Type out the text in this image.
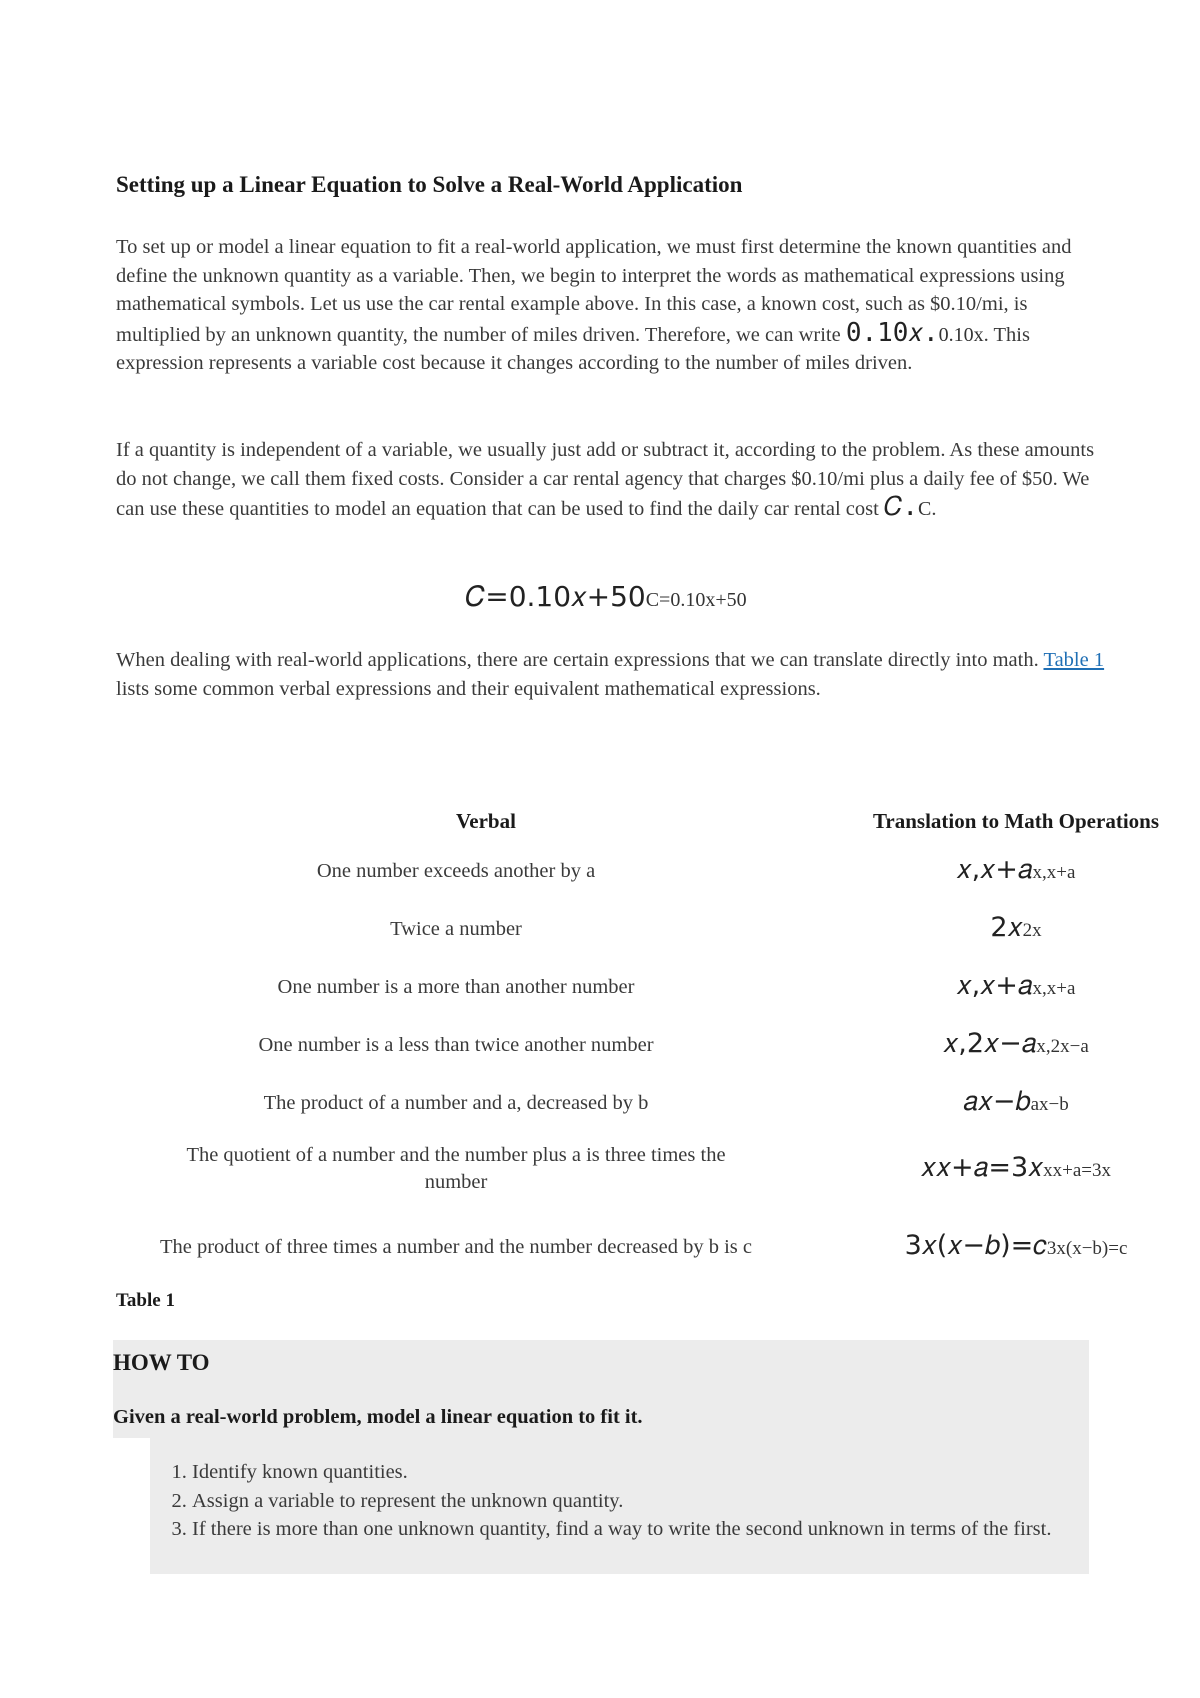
Setting up a Linear Equation to Solve a Real-World Application
To set up or model a linear equation to fit a real-world application, we must first determine the known quantities and define the unknown quantity as a variable. Then, we begin to interpret the words as mathematical expressions using mathematical symbols. Let us use the car rental example above. In this case, a known cost, such as $0.10/mi, is multiplied by an unknown quantity, the number of miles driven. Therefore, we can write 0.10𝑥.0.10x. This expression represents a variable cost because it changes according to the number of miles driven.
If a quantity is independent of a variable, we usually just add or subtract it, according to the problem. As these amounts do not change, we call them fixed costs. Consider a car rental agency that charges $0.10/mi plus a daily fee of $50. We can use these quantities to model an equation that can be used to find the daily car rental cost 𝐶.C.
𝐶=0.10𝑥+50C=0.10x+50
When dealing with real-world applications, there are certain expressions that we can translate directly into math. Table 1 lists some common verbal expressions and their equivalent mathematical expressions.
Verbal	Translation to Math Operations
One number exceeds another by a	𝑥,𝑥+𝑎x,x+a
Twice a number	2𝑥2x
One number is a more than another number	𝑥,𝑥+𝑎x,x+a
One number is a less than twice another number	𝑥,2𝑥−𝑎x,2x−a
The product of a number and a, decreased by b	𝑎𝑥−𝑏ax−b
The quotient of a number and the number plus a is three times the number	𝑥𝑥+𝑎=3𝑥xx+a=3x
The product of three times a number and the number decreased by b is c	3𝑥(𝑥−𝑏)=𝑐3x(x−b)=c
Table 1
HOW TO
Given a real-world problem, model a linear equation to fit it.
1. Identify known quantities.
2. Assign a variable to represent the unknown quantity.
3. If there is more than one unknown quantity, find a way to write the second unknown in terms of the first.
